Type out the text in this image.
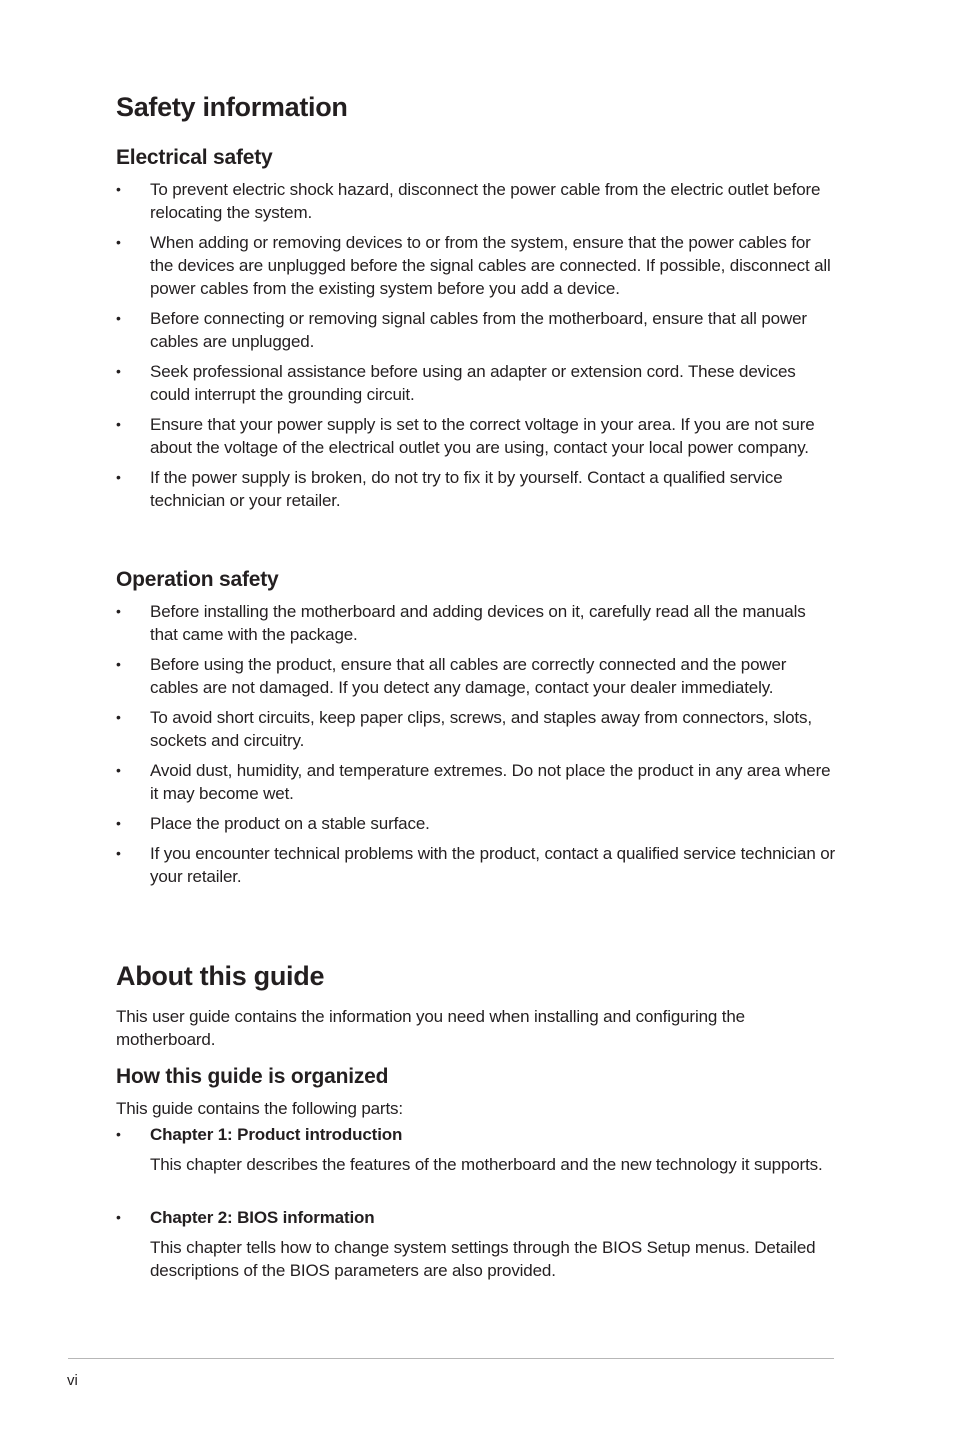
Safety information
Electrical safety
• To prevent electric shock hazard, disconnect the power cable from the electric outlet before relocating the system.
• When adding or removing devices to or from the system, ensure that the power cables for the devices are unplugged before the signal cables are connected. If possible, disconnect all power cables from the existing system before you add a device.
• Before connecting or removing signal cables from the motherboard, ensure that all power cables are unplugged.
• Seek professional assistance before using an adapter or extension cord. These devices could interrupt the grounding circuit.
• Ensure that your power supply is set to the correct voltage in your area. If you are not sure about the voltage of the electrical outlet you are using, contact your local power company.
• If the power supply is broken, do not try to fix it by yourself. Contact a qualified service technician or your retailer.
Operation safety
• Before installing the motherboard and adding devices on it, carefully read all the manuals that came with the package.
• Before using the product, ensure that all cables are correctly connected and the power cables are not damaged. If you detect any damage, contact your dealer immediately.
• To avoid short circuits, keep paper clips, screws, and staples away from connectors, slots, sockets and circuitry.
• Avoid dust, humidity, and temperature extremes. Do not place the product in any area where it may become wet.
• Place the product on a stable surface.
• If you encounter technical problems with the product, contact a qualified service technician or your retailer.
About this guide

This user guide contains the information you need when installing and configuring the motherboard.

How this guide is organized

This guide contains the following parts:

• Chapter 1: Product introduction
This chapter describes the features of the motherboard and the new technology it supports.
• Chapter 2: BIOS information
This chapter tells how to change system settings through the BIOS Setup menus. Detailed descriptions of the BIOS parameters are also provided.
vi
